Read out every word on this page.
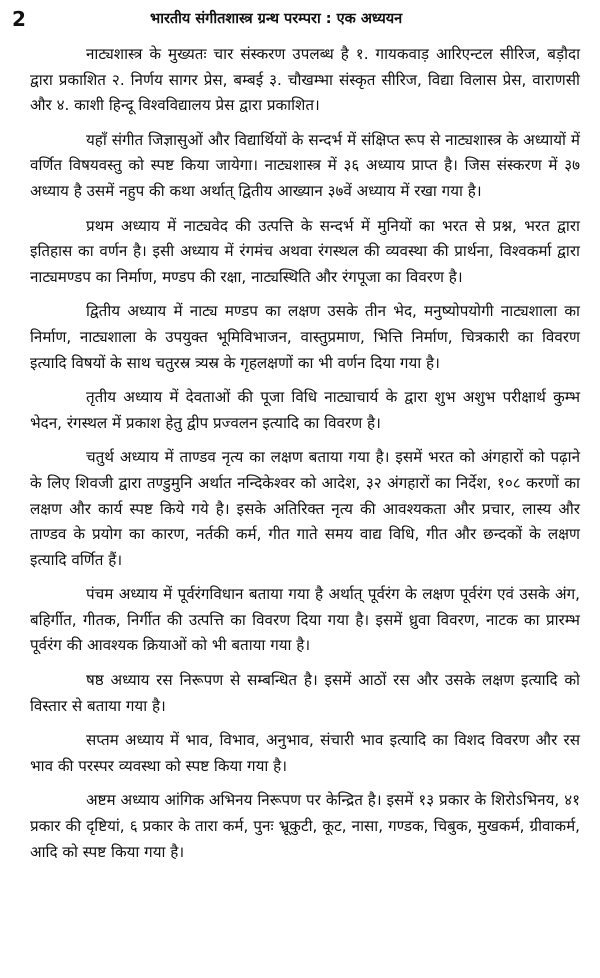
2	भारतीय संगीतशास्त्र ग्रन्थ परम्परा : एक अध्ययन

नाट्यशास्त्र के मुख्यतः चार संस्करण उपलब्ध है १. गायकवाड़ आरिएन्टल सीरिज, बड़ौदा द्वारा प्रकाशित २. निर्णय सागर प्रेस, बम्बई ३. चौखम्भा संस्कृत सीरिज, विद्या विलास प्रेस, वाराणसी और ४. काशी हिन्दू विश्वविद्यालय प्रेस द्वारा प्रकाशित।

यहाँ संगीत जिज्ञासुओं और विद्यार्थियों के सन्दर्भ में संक्षिप्त रूप से नाट्यशास्त्र के अध्यायों में वर्णित विषयवस्तु को स्पष्ट किया जायेगा। नाट्यशास्त्र में ३६ अध्याय प्राप्त है। जिस संस्करण में ३७ अध्याय है उसमें नहुप की कथा अर्थात् द्वितीय आख्यान ३७वें अध्याय में रखा गया है।

प्रथम अध्याय में नाट्यवेद की उत्पत्ति के सन्दर्भ में मुनियों का भरत से प्रश्न, भरत द्वारा इतिहास का वर्णन है। इसी अध्याय में रंगमंच अथवा रंगस्थल की व्यवस्था की प्रार्थना, विश्वकर्मा द्वारा नाट्यमण्डप का निर्माण, मण्डप की रक्षा, नाट्यस्थिति और रंगपूजा का विवरण है।

द्वितीय अध्याय में नाट्य मण्डप का लक्षण उसके तीन भेद, मनुष्योपयोगी नाट्यशाला का निर्माण, नाट्यशाला के उपयुक्त भूमिविभाजन, वास्तुप्रमाण, भित्ति निर्माण, चित्रकारी का विवरण इत्यादि विषयों के साथ चतुरस्र त्र्यस्र के गृहलक्षणों का भी वर्णन दिया गया है।

तृतीय अध्याय में देवताओं की पूजा विधि नाट्याचार्य के द्वारा शुभ अशुभ परीक्षार्थ कुम्भ भेदन, रंगस्थल में प्रकाश हेतु द्वीप प्रज्वलन इत्यादि का विवरण है।

चतुर्थ अध्याय में ताण्डव नृत्य का लक्षण बताया गया है। इसमें भरत को अंगहारों को पढ़ाने के लिए शिवजी द्वारा तण्डुमुनि अर्थात नन्दिकेश्वर को आदेश, ३२ अंगहारों का निर्देश, १०८ करणों का लक्षण और कार्य स्पष्ट किये गये है। इसके अतिरिक्त नृत्य की आवश्यकता और प्रचार, लास्य और ताण्डव के प्रयोग का कारण, नर्तकी कर्म, गीत गाते समय वाद्य विधि, गीत और छन्दकों के लक्षण इत्यादि वर्णित हैं।

पंचम अध्याय में पूर्वरंगविधान बताया गया है अर्थात् पूर्वरंग के लक्षण पूर्वरंग एवं उसके अंग, बहिर्गीत, गीतक, निर्गीत की उत्पत्ति का विवरण दिया गया है। इसमें ध्रुवा विवरण, नाटक का प्रारम्भ पूर्वरंग की आवश्यक क्रियाओं को भी बताया गया है।

षष्ठ अध्याय रस निरूपण से सम्बन्धित है। इसमें आठों रस और उसके लक्षण इत्यादि को विस्तार से बताया गया है।

सप्तम अध्याय में भाव, विभाव, अनुभाव, संचारी भाव इत्यादि का विशद विवरण और रस भाव की परस्पर व्यवस्था को स्पष्ट किया गया है।

अष्टम अध्याय आंगिक अभिनय निरूपण पर केन्द्रित है। इसमें १३ प्रकार के शिरोऽभिनय, ४१ प्रकार की दृष्टियां, ६ प्रकार के तारा कर्म, पुनः भ्रूकुटी, कूट, नासा, गण्डक, चिबुक, मुखकर्म, ग्रीवाकर्म, आदि को स्पष्ट किया गया है।
